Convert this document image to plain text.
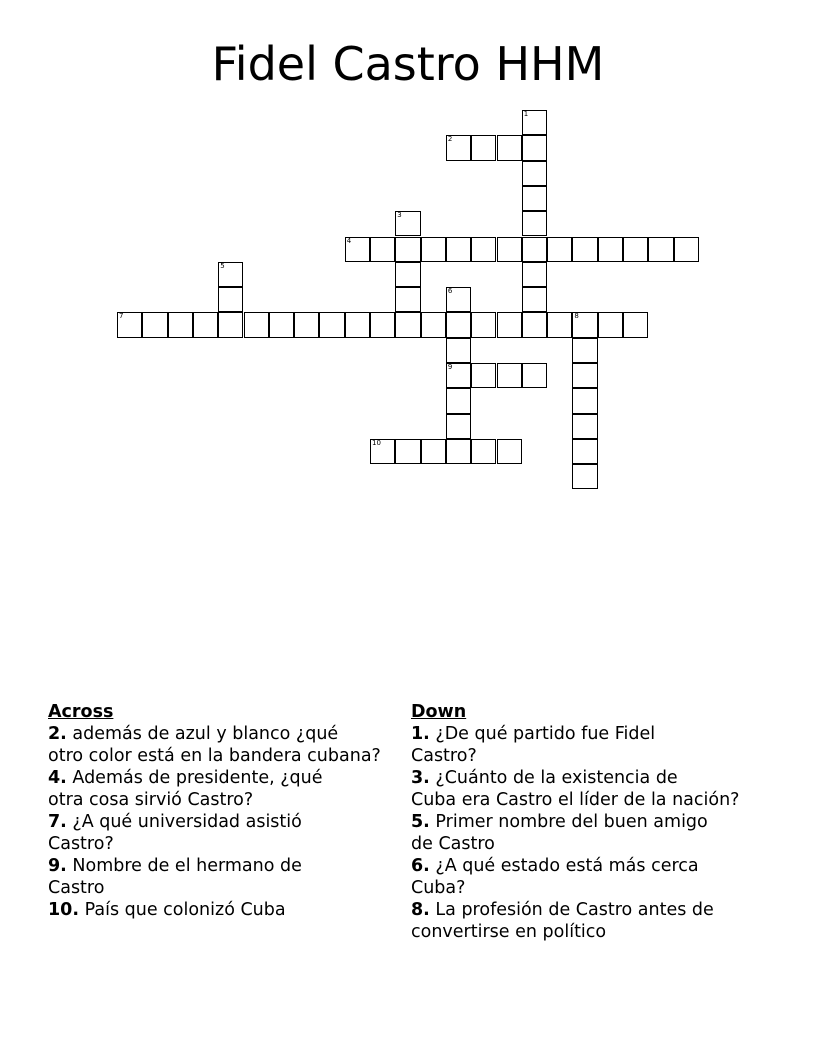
Fidel Castro HHM
1
2
3
4
5
6
9
7	8
10
Across
2. además de azul y blanco ¿qué
otro color está en la bandera cubana?
4. Además de presidente, ¿qué
otra cosa sirvió Castro?
7. ¿A qué universidad asistió
Castro?
9. Nombre de el hermano de
Castro
10. País que colonizó Cuba
Down
1. ¿De qué partido fue Fidel
Castro?
3. ¿Cuánto de la existencia de
Cuba era Castro el líder de la nación?
5. Primer nombre del buen amigo
de Castro
6. ¿A qué estado está más cerca
Cuba?
8. La profesión de Castro antes de
convertirse en político
